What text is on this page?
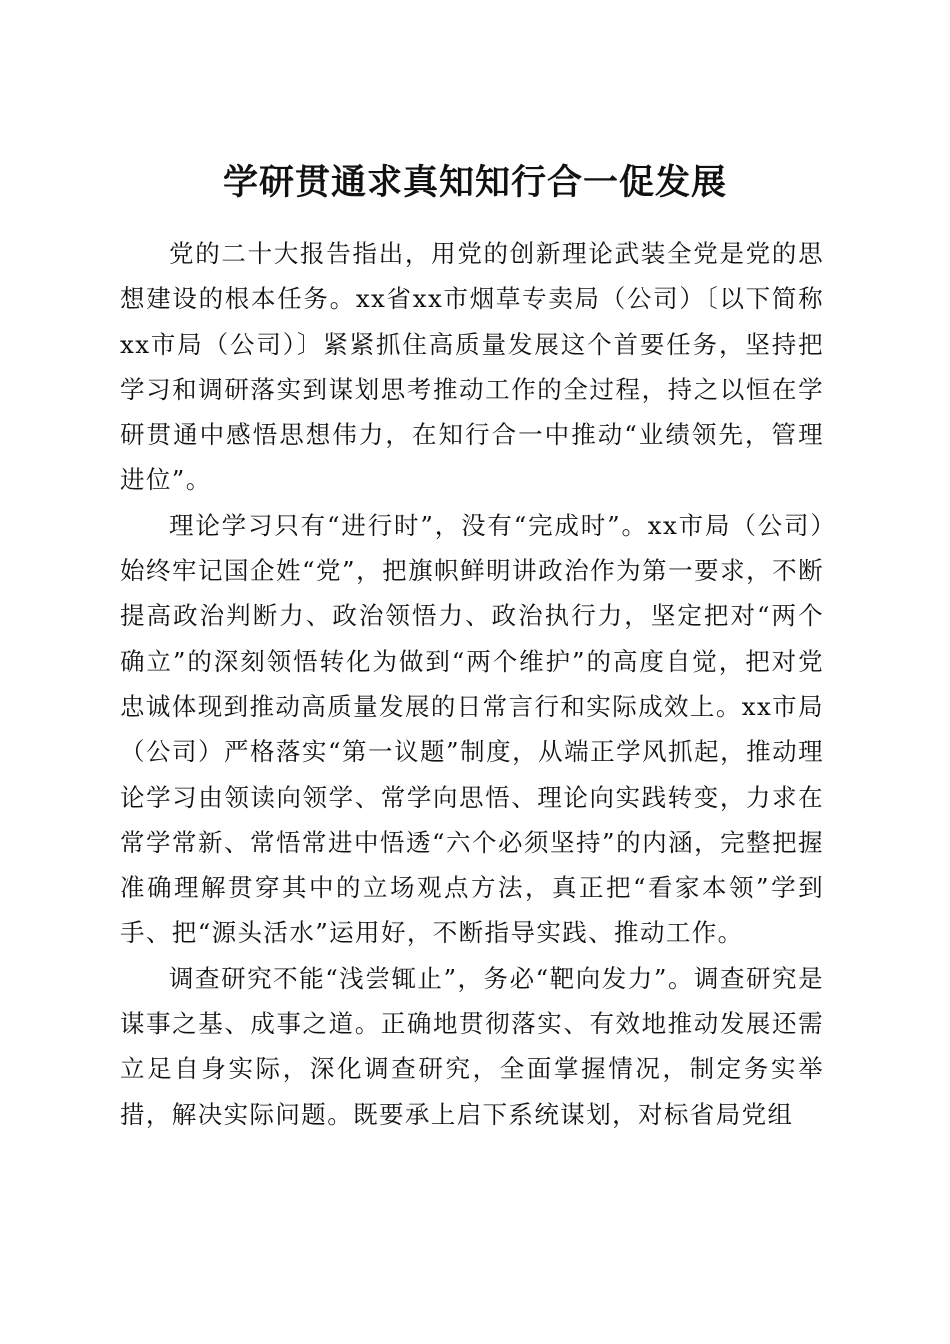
学研贯通求真知知行合一促发展

党的二十大报告指出，用党的创新理论武装全党是党的思想建设的根本任务。xx省xx市烟草专卖局（公司）〔以下简称xx市局（公司）〕紧紧抓住高质量发展这个首要任务，坚持把学习和调研落实到谋划思考推动工作的全过程，持之以恒在学研贯通中感悟思想伟力，在知行合一中推动“业绩领先，管理进位”。

理论学习只有“进行时”，没有“完成时”。xx市局（公司）始终牢记国企姓“党”，把旗帜鲜明讲政治作为第一要求，不断提高政治判断力、政治领悟力、政治执行力，坚定把对“两个确立”的深刻领悟转化为做到“两个维护”的高度自觉，把对党忠诚体现到推动高质量发展的日常言行和实际成效上。xx市局（公司）严格落实“第一议题”制度，从端正学风抓起，推动理论学习由领读向领学、常学向思悟、理论向实践转变，力求在常学常新、常悟常进中悟透“六个必须坚持”的内涵，完整把握准确理解贯穿其中的立场观点方法，真正把“看家本领”学到手、把“源头活水”运用好，不断指导实践、推动工作。

调查研究不能“浅尝辄止”，务必“靶向发力”。调查研究是谋事之基、成事之道。正确地贯彻落实、有效地推动发展还需立足自身实际，深化调查研究，全面掌握情况，制定务实举措，解决实际问题。既要承上启下系统谋划，对标省局党组
